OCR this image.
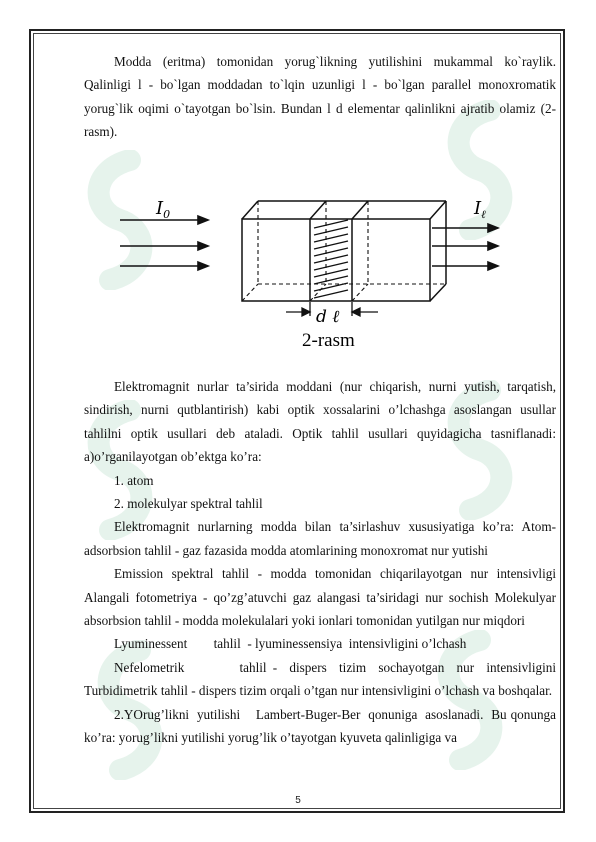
Modda (eritma) tomonidan yorug`likning yutilishini mukammal ko`raylik. Qalinligi l - bo`lgan moddadan to`lqin uzunligi l - bo`lgan parallel monoxromatik yorug`lik oqimi o`tayotgan bo`lsin. Bundan l d elementar qalinlikni ajratib olamiz (2-rasm).

$I_0$	$I_\ell$
d ℓ
2-rasm

Elektromagnit nurlar ta’sirida moddani (nur chiqarish, nurni yutish, tarqatish, sindirish, nurni qutblantirish) kabi optik xossalarini o’lchashga asoslangan usullar tahlilni optik usullari deb ataladi. Optik tahlil usullari quyidagicha tasniflanadi: a)o’rganilayotgan ob’ektga ko’ra:

1. atom

2. molekulyar spektral tahlil

Elektromagnit nurlarning modda bilan ta’sirlashuv xususiyatiga ko’ra: Atom-adsorbsion tahlil - gaz fazasida modda atomlarining monoxromat nur yutishi

Emission spektral tahlil - modda tomonidan chiqarilayotgan nur intensivligi Alangali fotometriya - qo’zg’atuvchi gaz alangasi ta’siridagi nur sochish Molekulyar absorbsion tahlil - modda molekulalari yoki ionlari tomonidan yutilgan nur miqdori

Lyuminessent        tahlil  - lyuminessensiya  intensivligini o’lchash

Nefelometrik         tahlil -  dispers  tizim  sochayotgan  nur  intensivligini Turbidimetrik tahlil - dispers tizim orqali o’tgan nur intensivligini o’lchash va boshqalar.

2.YOrug’likni  yutilishi    Lambert-Buger-Ber  qonuniga  asoslanadi.  Bu qonunga ko’ra: yorug’likni yutilishi yorug’lik o’tayotgan kyuveta qalinligiga va

5
